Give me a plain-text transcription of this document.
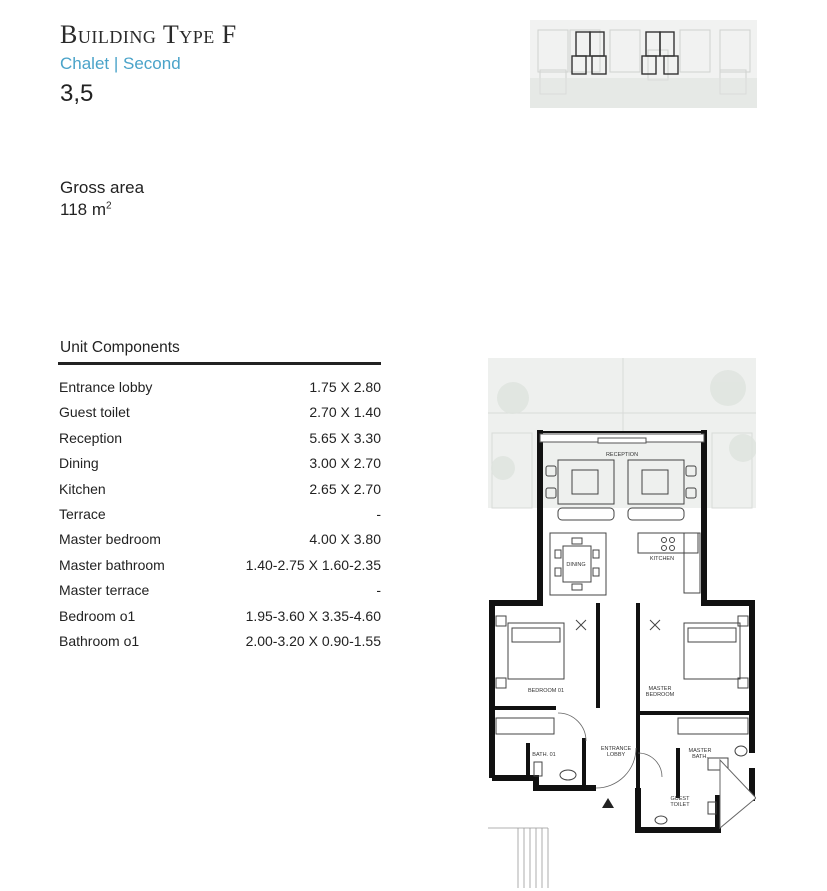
Building Type F
Chalet | Second
3,5
Gross area
118 $m^2$
Unit Components
Entrance lobby	1.75 X 2.80
Guest toilet	2.70 X 1.40
Reception	5.65 X 3.30
Dining	3.00 X 2.70
Kitchen	2.65 X 2.70
Terrace	-
Master bedroom	4.00 X 3.80
Master bathroom	1.40-2.75 X 1.60-2.35
Master terrace	-
Bedroom o1	1.95-3.60 X 3.35-4.60
Bathroom o1	2.00-3.20 X 0.90-1.55
RECEPTION
DINING
KITCHEN
BEDROOM 01	MASTER
BEDROOM
BATH. 01
ENTRANCE
LOBBY
MASTER
BATH.
GUEST
TOILET
